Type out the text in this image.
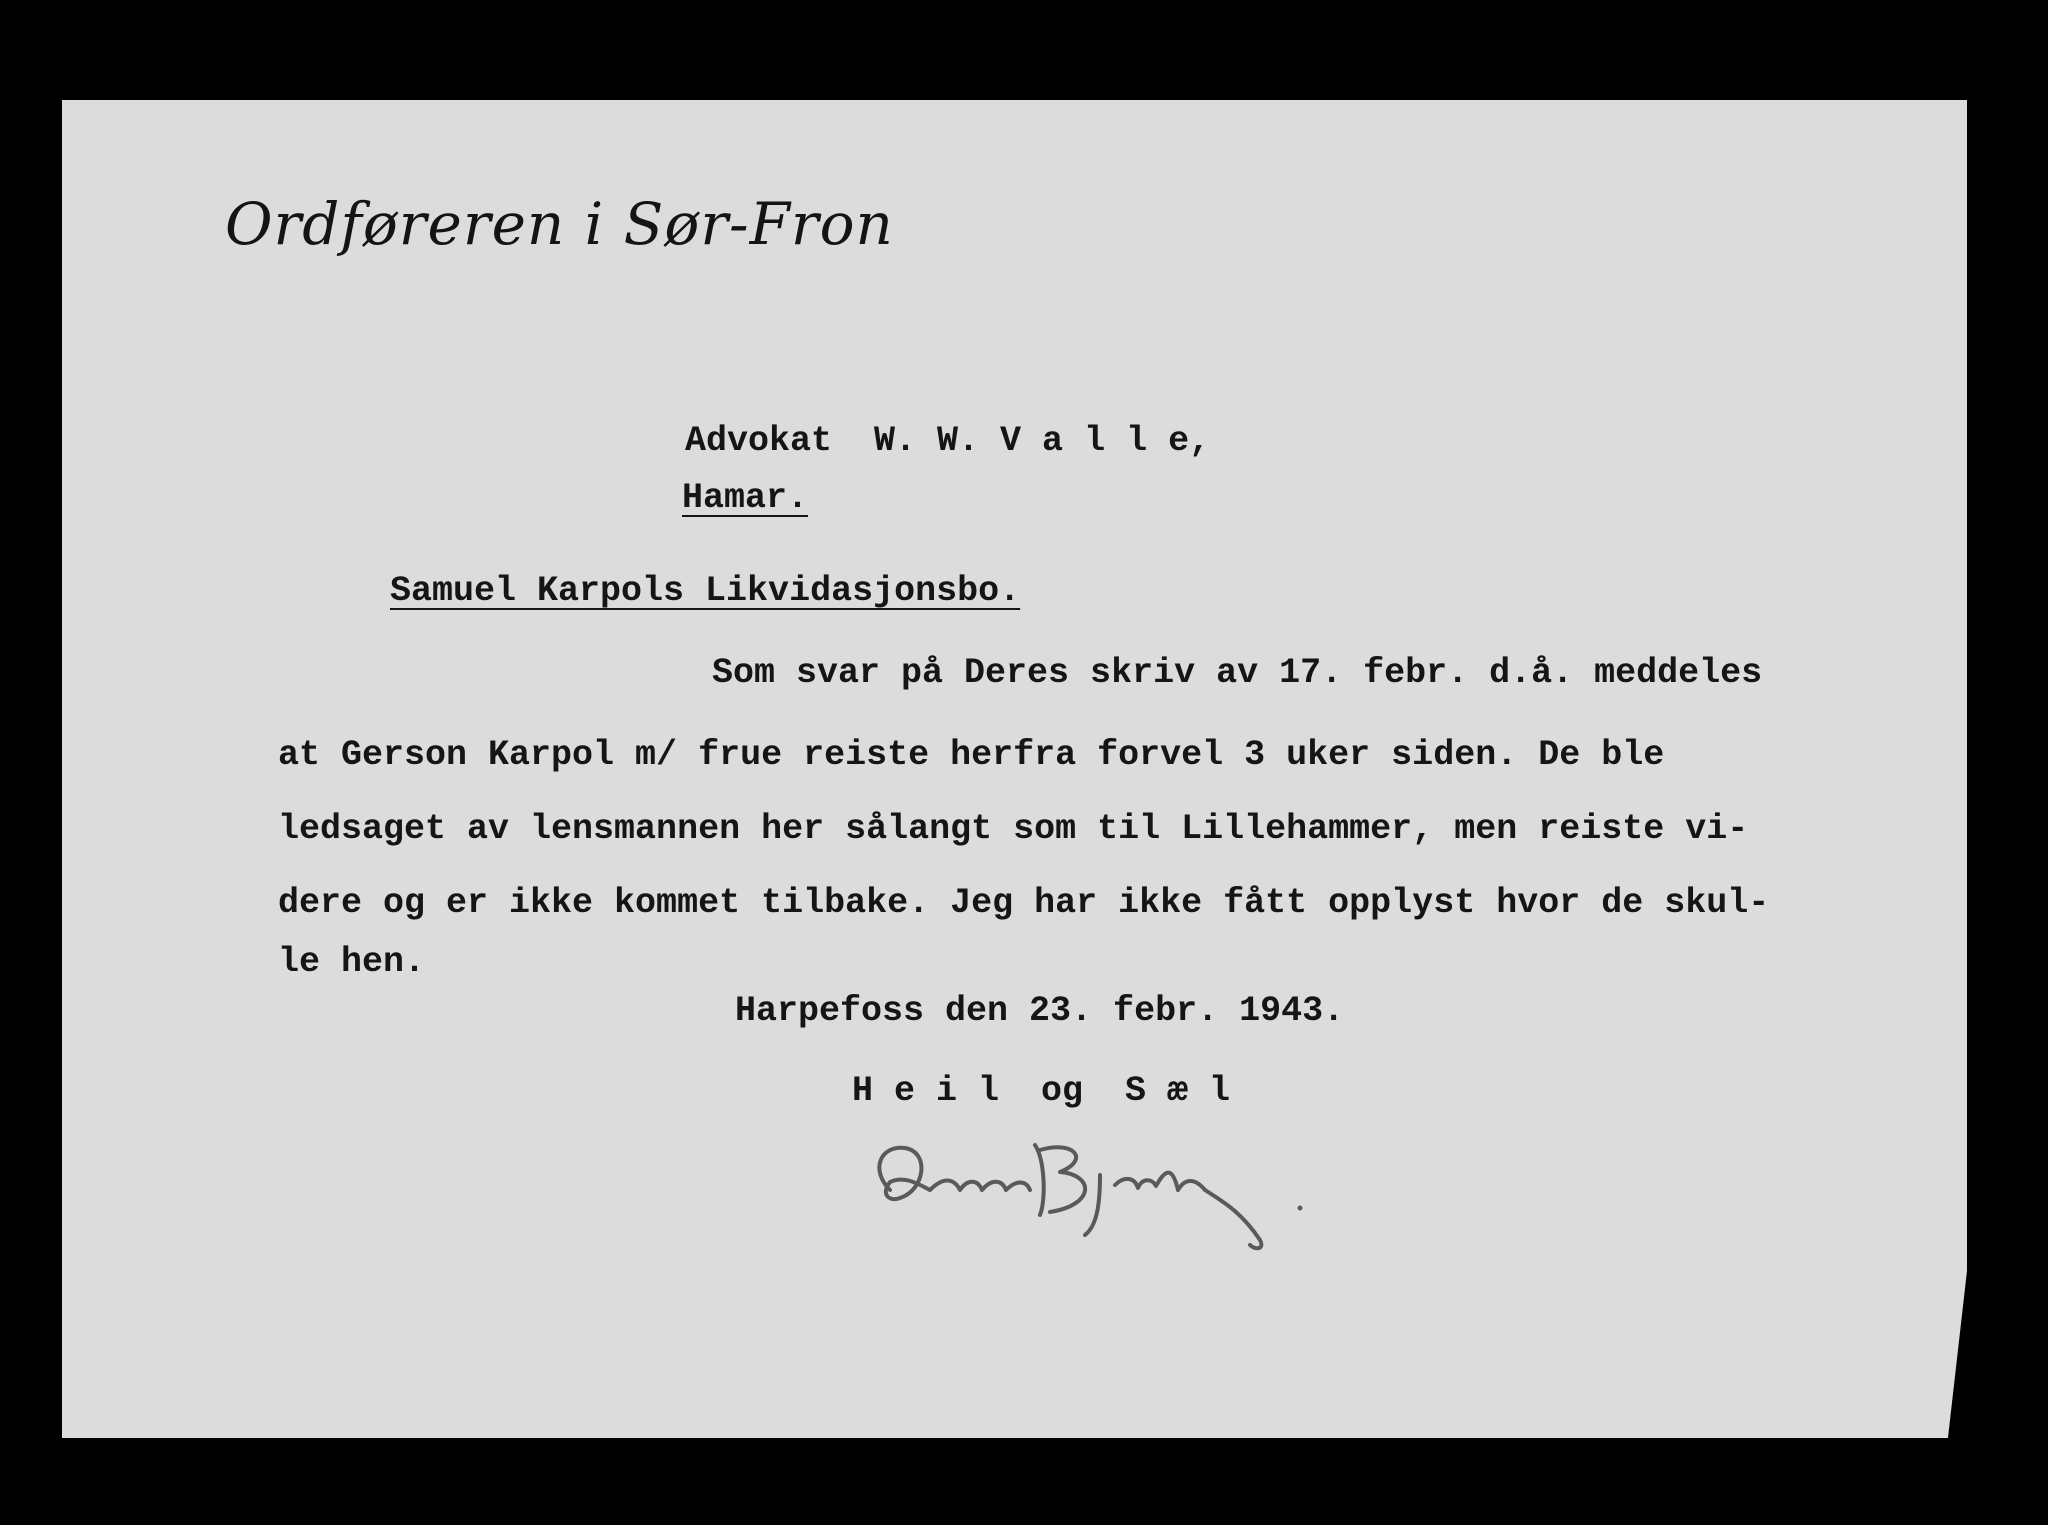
Ordføreren i Sør-Fron
Advokat  W. W. V a l l e,
Hamar.
Samuel Karpols Likvidasjonsbo.
Som svar på Deres skriv av 17. febr. d.å. meddeles
at Gerson Karpol m/ frue reiste herfra forvel 3 uker siden. De ble
ledsaget av lensmannen her sålangt som til Lillehammer, men reiste vi-
dere og er ikke kommet tilbake. Jeg har ikke fått opplyst hvor de skul-
le hen.
Harpefoss den 23. febr. 1943.
H e i l  og  S æ l
